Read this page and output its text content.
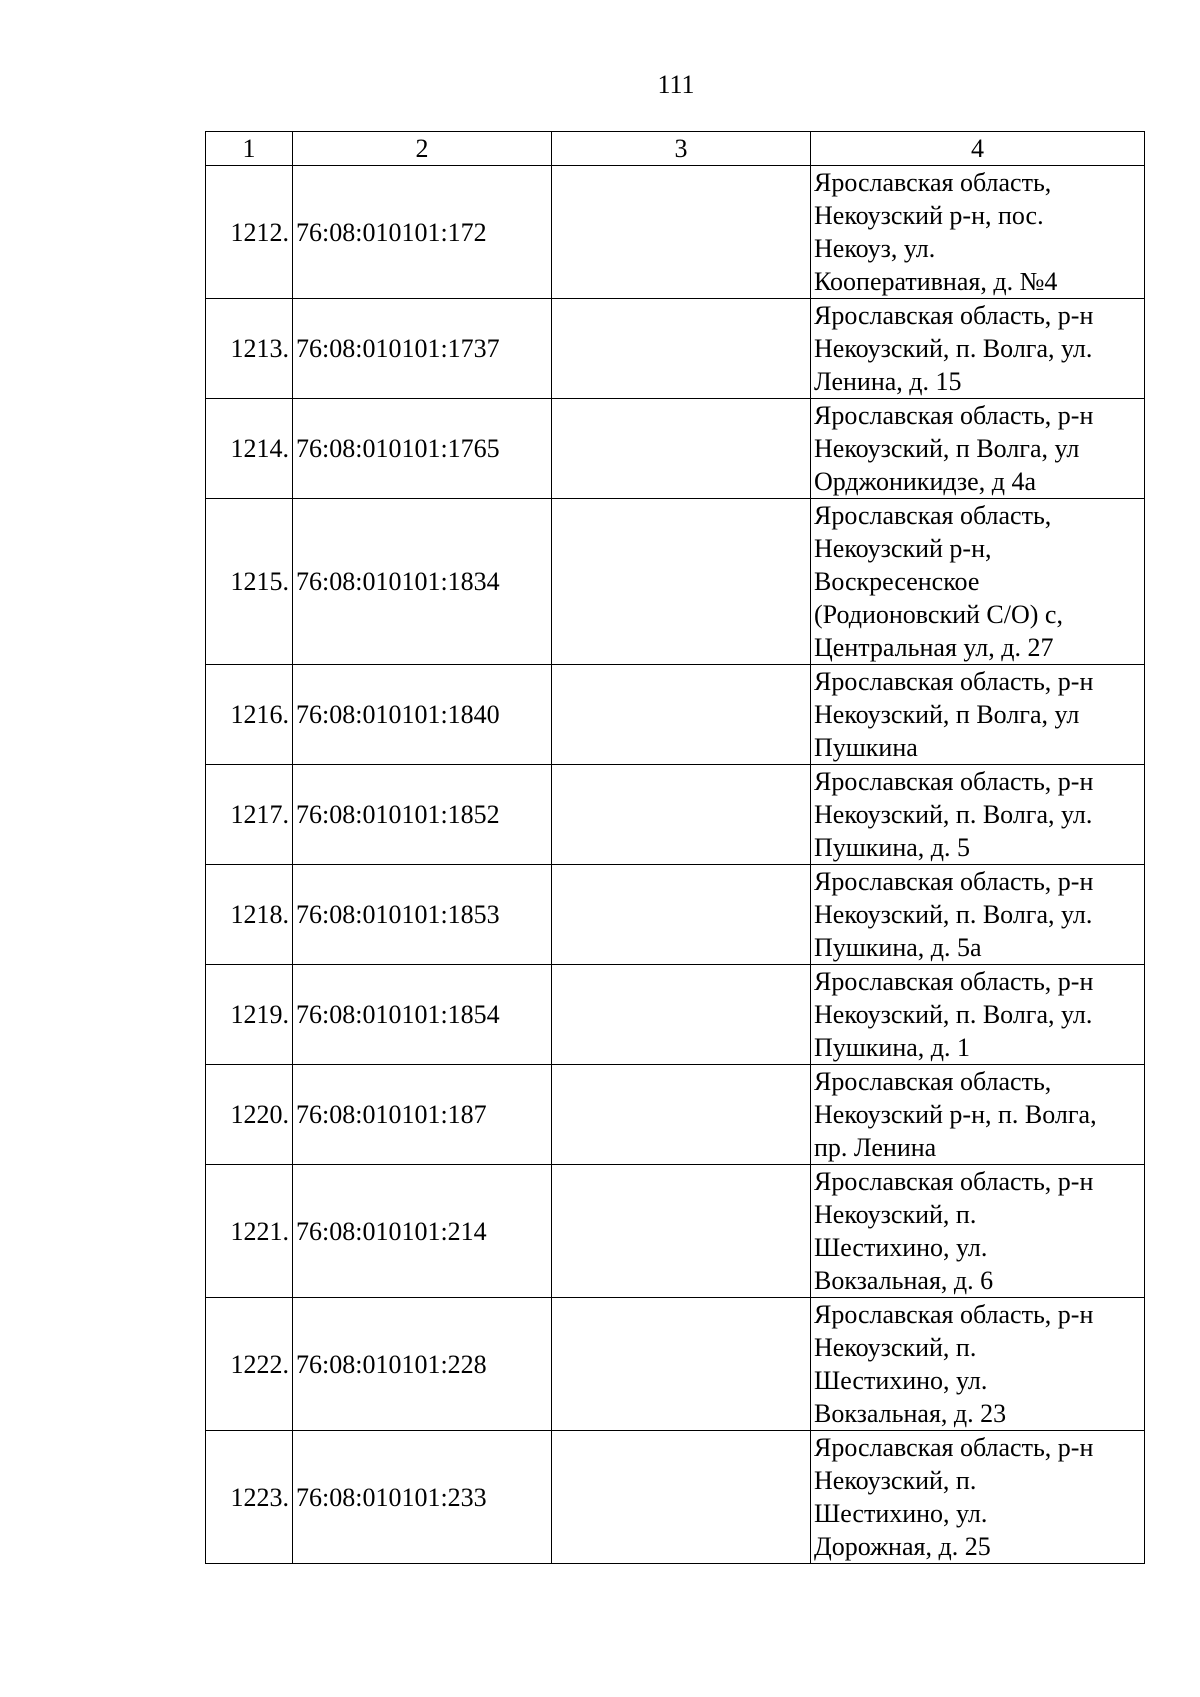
111
1	2	3	4
1212.	76:08:010101:172		Ярославская область,
Некоузский р-н, пос.
Некоуз, ул.
Кооперативная, д. №4

1213.	76:08:010101:1737		Ярославская область, р-н
Некоузский, п. Волга, ул.
Ленина, д. 15

1214.	76:08:010101:1765		Ярославская область, р-н
Некоузский, п Волга, ул
Орджоникидзе, д 4а

1215.	76:08:010101:1834		Ярославская область,
Некоузский р-н,
Воскресенское
(Родионовский С/О) с,
Центральная ул, д. 27

1216.	76:08:010101:1840		Ярославская область, р-н
Некоузский, п Волга, ул
Пушкина

1217.	76:08:010101:1852		Ярославская область, р-н
Некоузский, п. Волга, ул.
Пушкина, д. 5

1218.	76:08:010101:1853		Ярославская область, р-н
Некоузский, п. Волга, ул.
Пушкина, д. 5а

1219.	76:08:010101:1854		Ярославская область, р-н
Некоузский, п. Волга, ул.
Пушкина, д. 1

1220.	76:08:010101:187		Ярославская область,
Некоузский р-н, п. Волга,
пр. Ленина

1221.	76:08:010101:214		Ярославская область, р-н
Некоузский, п.
Шестихино, ул.
Вокзальная, д. 6

1222.	76:08:010101:228		Ярославская область, р-н
Некоузский, п.
Шестихино, ул.
Вокзальная, д. 23

1223.	76:08:010101:233		Ярославская область, р-н
Некоузский, п.
Шестихино, ул.
Дорожная, д. 25
